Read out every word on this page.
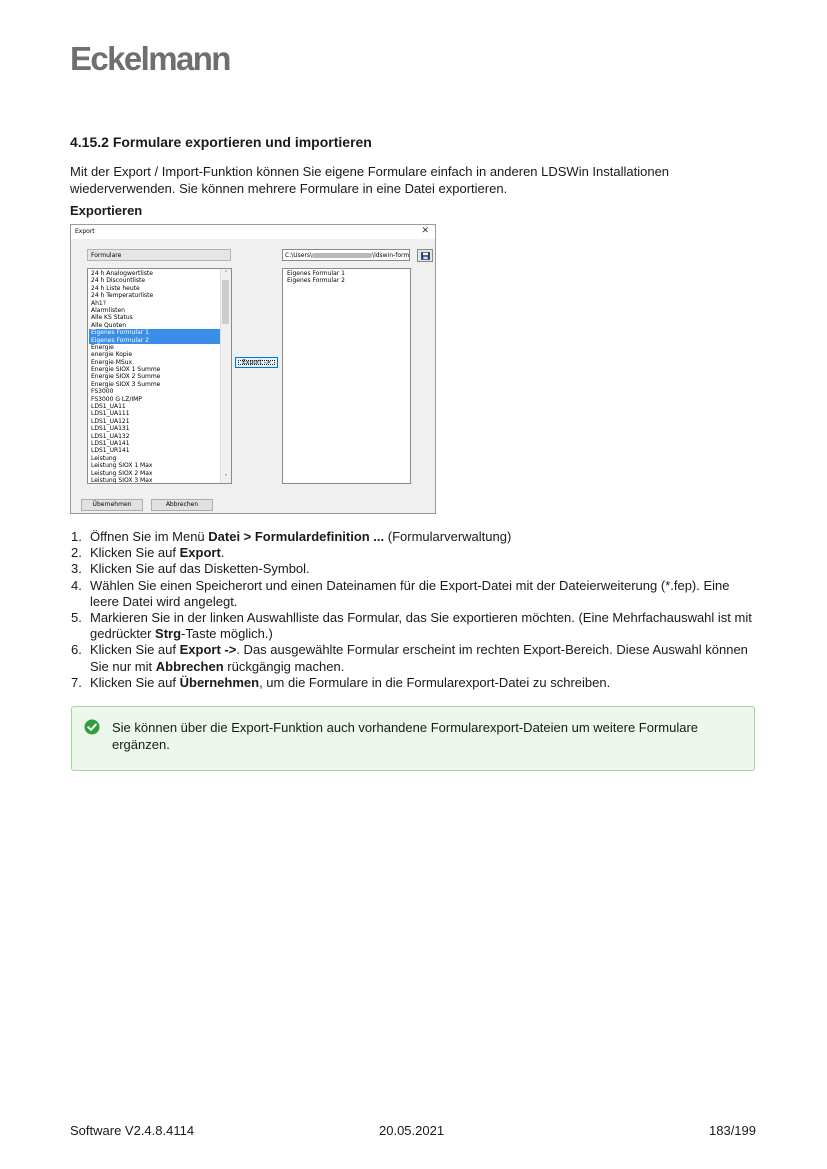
Eckelmann
4.15.2 Formulare exportieren und importieren
Mit der Export / Import-Funktion können Sie eigene Formulare einfach in anderen LDSWin Installationen wiederverwenden. Sie können mehrere Formulare in eine Datei exportieren.
Exportieren
Export	✕
Formulare	C:\Users\	\ldswin-form
24 h Analogwertliste
24 h Discountliste
24 h Liste heute
24 h Temperaturliste
Ah1?
Alarmlisten
Alle KS Status
Alle Quoten
Eigenes Formular 1
Eigenes Formular 2
Energie
energie Kopie
Energie MSux
Energie SIOX 1 Summe
Energie SIOX 2 Summe
Energie SIOX 3 Summe
FS3000
FS3000 G LZ/IMP
LDS1_UA11
LDS1_UA111
LDS1_UA121
LDS1_UA131
LDS1_UA132
LDS1_UA141
LDS1_UR141
Leistung
Leistung SIOX 1 Max
Leistung SIOX 2 Max
Leistung SIOX 3 Max
˄
˅
Export ->
Eigenes Formular 1
Eigenes Formular 2
Übernehmen	Abbrechen
1. Öffnen Sie im Menü Datei > Formulardefinition ... (Formularverwaltung)
2. Klicken Sie auf Export.
3. Klicken Sie auf das Disketten-Symbol.
4. Wählen Sie einen Speicherort und einen Dateinamen für die Export-Datei mit der Dateierweiterung (*.fep). Eine leere Datei wird angelegt.
5. Markieren Sie in der linken Auswahlliste das Formular, das Sie exportieren möchten. (Eine Mehrfachauswahl ist mit gedrückter Strg-Taste möglich.)
6. Klicken Sie auf Export ->. Das ausgewählte Formular erscheint im rechten Export-Bereich. Diese Auswahl können Sie nur mit Abbrechen rückgängig machen.
7. Klicken Sie auf Übernehmen, um die Formulare in die Formularexport-Datei zu schreiben.
Sie können über die Export-Funktion auch vorhandene Formularexport-Dateien um weitere Formulare ergänzen.
Software V2.4.8.4114	20.05.2021	183/199
